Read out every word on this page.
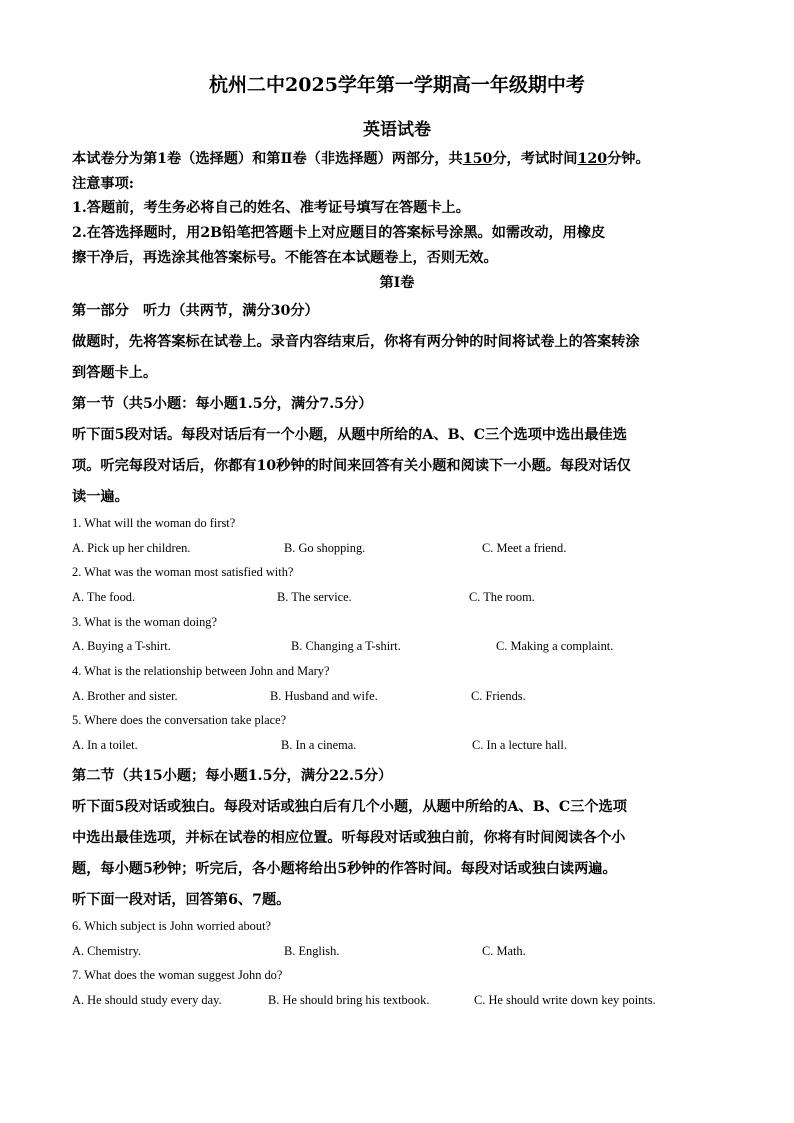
杭州二中2025学年第一学期高一年级期中考
英语试卷
本试卷分为第1卷（选择题）和第Ⅱ卷（非选择题）两部分，共150分，考试时间120分钟。
注意事项:
1.答题前，考生务必将自己的姓名、准考证号填写在答题卡上。
2.在答选择题时，用2B铅笔把答题卡上对应题目的答案标号涂黑。如需改动，用橡皮
擦干净后，再选涂其他答案标号。不能答在本试题卷上，否则无效。
第I卷
第一部分　听力（共两节，满分30分）
做题时，先将答案标在试卷上。录音内容结束后，你将有两分钟的时间将试卷上的答案转涂
到答题卡上。
第一节（共5小题：每小题1.5分，满分7.5分）
听下面5段对话。每段对话后有一个小题，从题中所给的A、B、C三个选项中选出最佳选
项。听完每段对话后，你都有10秒钟的时间来回答有关小题和阅读下一小题。每段对话仅
读一遍。
1. What will the woman do first?
A. Pick up her children.	B. Go shopping.	C. Meet a friend.
2. What was the woman most satisfied with?
A. The food.	B. The service.	C. The room.
3. What is the woman doing?
A. Buying a T-shirt.	B. Changing a T-shirt.	C. Making a complaint.
4. What is the relationship between John and Mary?
A. Brother and sister.	B. Husband and wife.	C. Friends.
5. Where does the conversation take place?
A. In a toilet.	B. In a cinema.	C. In a lecture hall.
第二节（共15小题；每小题1.5分，满分22.5分）
听下面5段对话或独白。每段对话或独白后有几个小题，从题中所给的A、B、C三个选项
中选出最佳选项，并标在试卷的相应位置。听每段对话或独白前，你将有时间阅读各个小
题，每小题5秒钟；听完后，各小题将给出5秒钟的作答时间。每段对话或独白读两遍。
听下面一段对话，回答第6、7题。
6. Which subject is John worried about?
A. Chemistry.	B. English.	C. Math.
7. What does the woman suggest John do?
A. He should study every day.	B. He should bring his textbook.	C. He should write down key points.
